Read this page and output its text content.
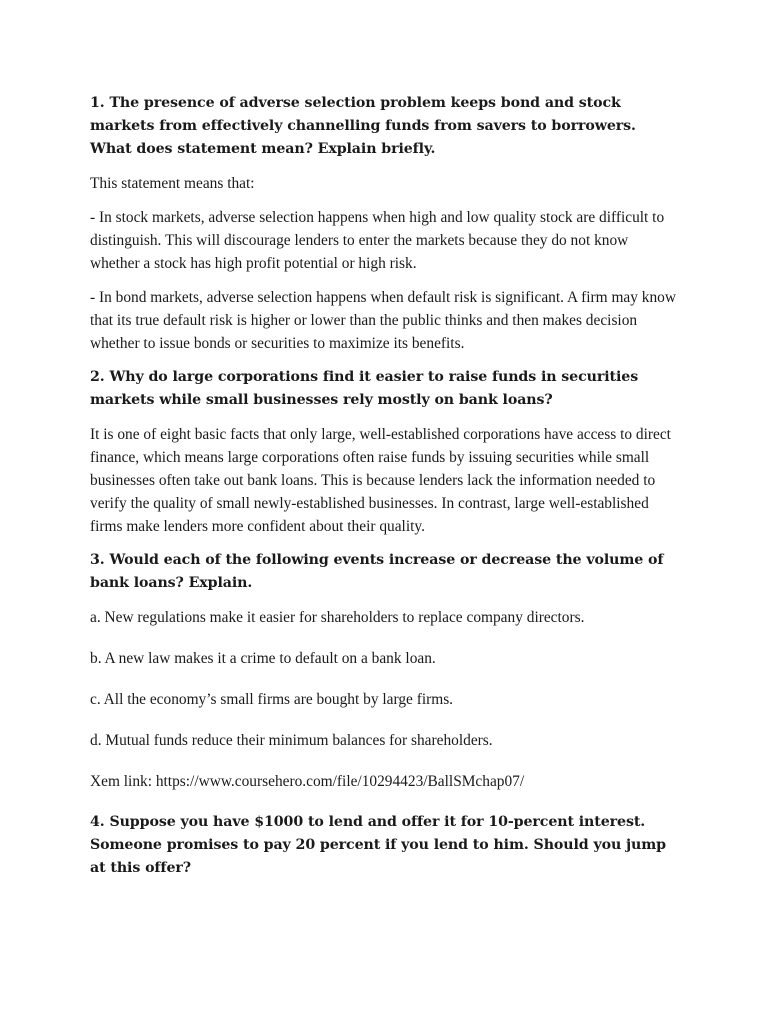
1. The presence of adverse selection problem keeps bond and stock markets from effectively channelling funds from savers to borrowers. What does statement mean? Explain briefly.

This statement means that:

- In stock markets, adverse selection happens when high and low quality stock are difficult to distinguish. This will discourage lenders to enter the markets because they do not know whether a stock has high profit potential or high risk.

- In bond markets, adverse selection happens when default risk is significant. A firm may know that its true default risk is higher or lower than the public thinks and then makes decision whether to issue bonds or securities to maximize its benefits.

2. Why do large corporations find it easier to raise funds in securities markets while small businesses rely mostly on bank loans?

It is one of eight basic facts that only large, well-established corporations have access to direct finance, which means large corporations often raise funds by issuing securities while small businesses often take out bank loans. This is because lenders lack the information needed to verify the quality of small newly-established businesses. In contrast, large well-established firms make lenders more confident about their quality.

3. Would each of the following events increase or decrease the volume of bank loans? Explain.

a. New regulations make it easier for shareholders to replace company directors.

b. A new law makes it a crime to default on a bank loan.

c. All the economy’s small firms are bought by large firms.

d. Mutual funds reduce their minimum balances for shareholders.

Xem link: https://www.coursehero.com/file/10294423/BallSMchap07/

4. Suppose you have $1000 to lend and offer it for 10-percent interest. Someone promises to pay 20 percent if you lend to him. Should you jump at this offer?
